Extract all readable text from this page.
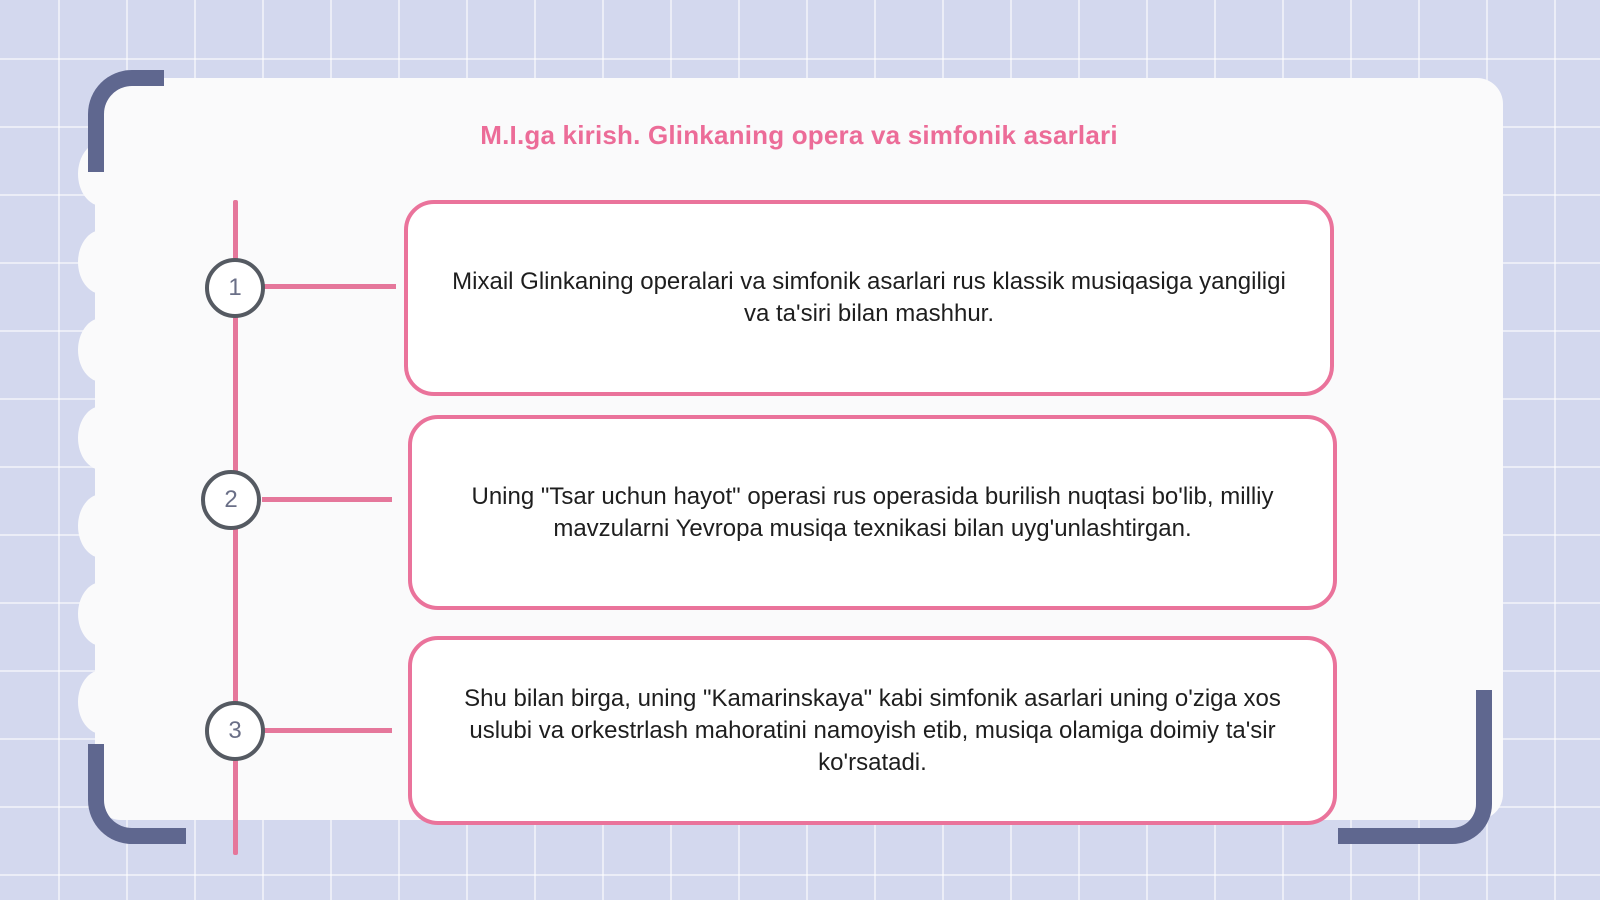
M.I.ga kirish. Glinkaning opera va simfonik asarlari
1	Mixail Glinkaning operalari va simfonik asarlari rus klassik musiqasiga yangiligi va ta'siri bilan mashhur.
2	Uning "Tsar uchun hayot" operasi rus operasida burilish nuqtasi bo'lib, milliy mavzularni Yevropa musiqa texnikasi bilan uyg'unlashtirgan.
3
Shu bilan birga, uning "Kamarinskaya" kabi simfonik asarlari uning o'ziga xos uslubi va orkestrlash mahoratini namoyish etib, musiqa olamiga doimiy ta'sir ko'rsatadi.
